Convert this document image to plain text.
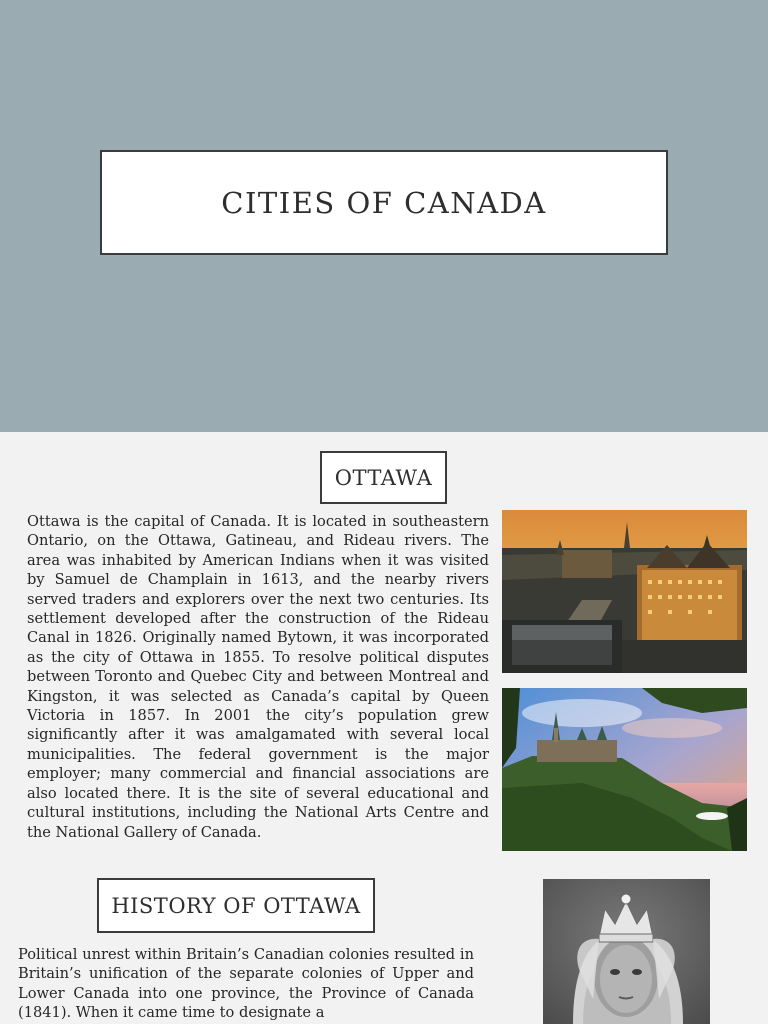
CITIES OF CANADA
OTTAWA

Ottawa is the capital of Canada. It is located in southeastern Ontario, on the Ottawa, Gatineau, and Rideau rivers. The area was inhabited by American Indians when it was visited by Samuel de Champlain in 1613, and the nearby rivers served traders and explorers over the next two centuries. Its settlement developed after the construction of the Rideau Canal in 1826. Originally named Bytown, it was incorporated as the city of Ottawa in 1855. To resolve political disputes between Toronto and Quebec City and between Montreal and Kingston, it was selected as Canada’s capital by Queen Victoria in 1857. In 2001 the city’s population grew significantly after it was amalgamated with several local municipalities. The federal government is the major employer; many commercial and financial associations are also located there. It is the site of several educational and cultural institutions, including the National Arts Centre and the National Gallery of Canada.

HISTORY OF OTTAWA

Political unrest within Britain’s Canadian colonies resulted in Britain’s unification of the separate colonies of Upper and Lower Canada into one province, the Province of Canada (1841). When it came time to designate a
